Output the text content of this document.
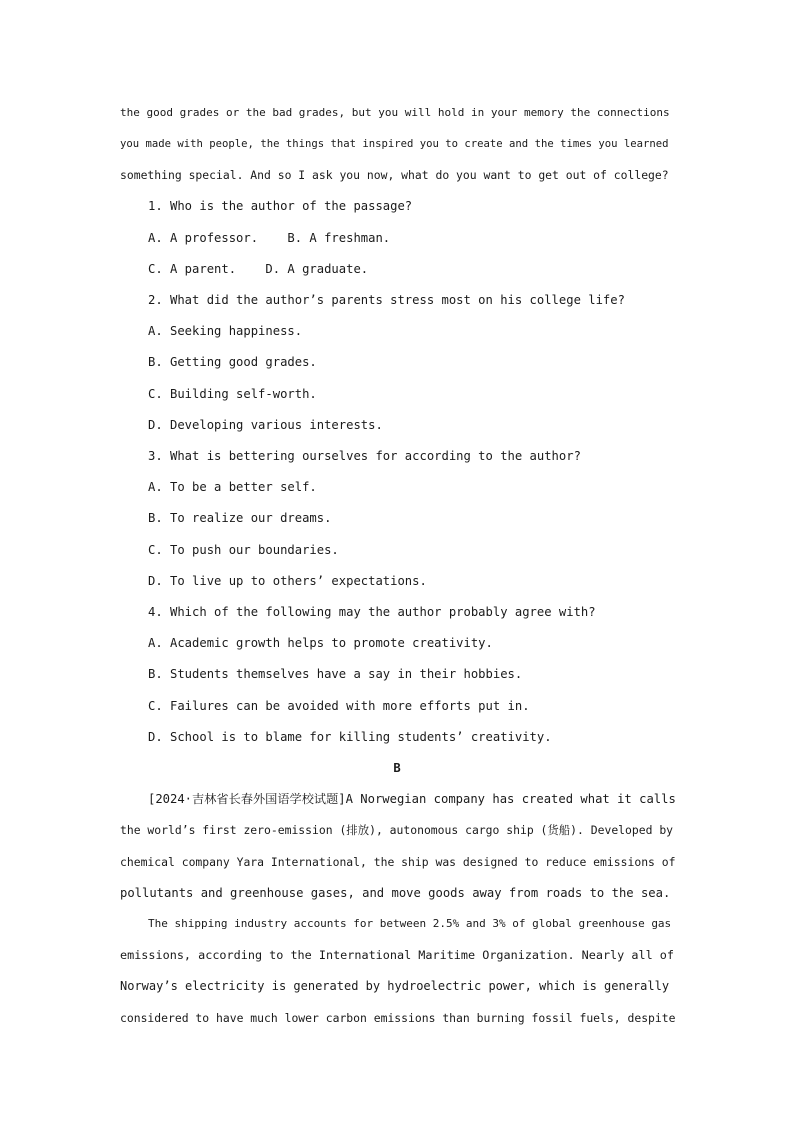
the good grades or the bad grades, but you will hold in your memory the connections
you made with people, the things that inspired you to create and the times you learned
something special. And so I ask you now, what do you want to get out of college?
1. Who is the author of the passage?
A. A professor.    B. A freshman.
C. A parent.    D. A graduate.
2. What did the author’s parents stress most on his college life?
A. Seeking happiness.
B. Getting good grades.
C. Building self-worth.
D. Developing various interests.
3. What is bettering ourselves for according to the author?
A. To be a better self.
B. To realize our dreams.
C. To push our boundaries.
D. To live up to others’ expectations.
4. Which of the following may the author probably agree with?
A. Academic growth helps to promote creativity.
B. Students themselves have a say in their hobbies.
C. Failures can be avoided with more efforts put in.
D. School is to blame for killing students’ creativity.
B
[2024·吉林省长春外国语学校试题]A Norwegian company has created what it calls
the world’s first zero-emission (排放), autonomous cargo ship (货船). Developed by
chemical company Yara International, the ship was designed to reduce emissions of
pollutants and greenhouse gases, and move goods away from roads to the sea.
The shipping industry accounts for between 2.5% and 3% of global greenhouse gas
emissions, according to the International Maritime Organization. Nearly all of
Norway’s electricity is generated by hydroelectric power, which is generally
considered to have much lower carbon emissions than burning fossil fuels, despite
